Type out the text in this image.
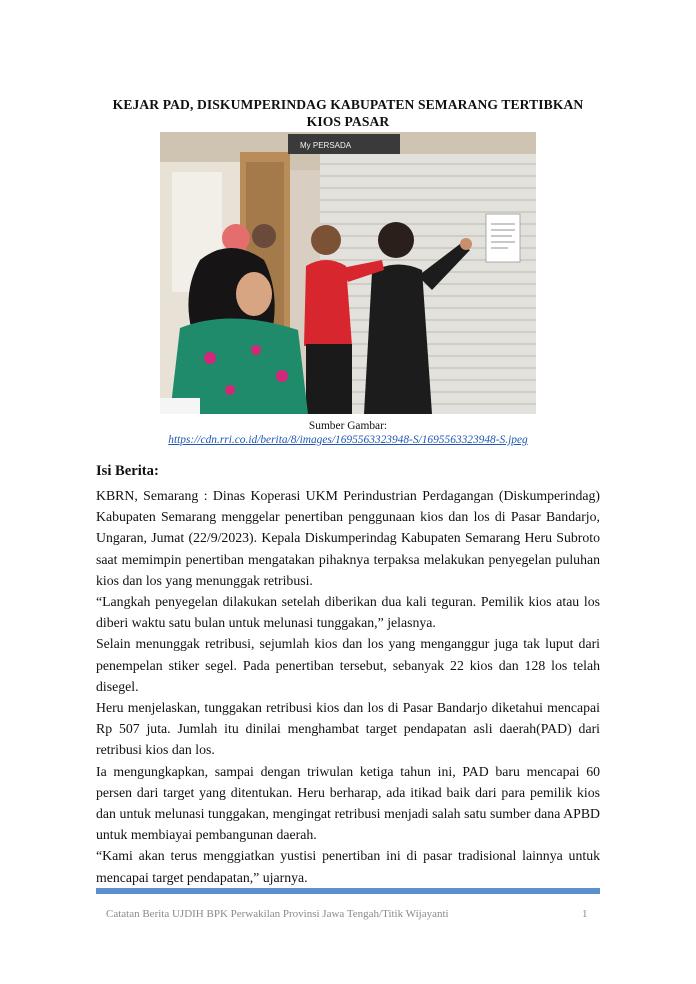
KEJAR PAD, DISKUMPERINDAG KABUPATEN SEMARANG TERTIBKAN
KIOS PASAR
My PERSADA
Sumber Gambar:
https://cdn.rri.co.id/berita/8/images/1695563323948-S/1695563323948-S.jpeg
Isi Berita:

KBRN, Semarang : Dinas Koperasi UKM Perindustrian Perdagangan (Diskumperindag) Kabupaten Semarang menggelar penertiban penggunaan kios dan los di Pasar Bandarjo, Ungaran, Jumat (22/9/2023). Kepala Diskumperindag Kabupaten Semarang Heru Subroto saat memimpin penertiban mengatakan pihaknya terpaksa melakukan penyegelan puluhan kios dan los yang menunggak retribusi.

“Langkah penyegelan dilakukan setelah diberikan dua kali teguran. Pemilik kios atau los diberi waktu satu bulan untuk melunasi tunggakan,” jelasnya.

Selain menunggak retribusi, sejumlah kios dan los yang menganggur juga tak luput dari penempelan stiker segel. Pada penertiban tersebut, sebanyak 22 kios dan 128 los telah disegel.

Heru menjelaskan, tunggakan retribusi kios dan los di Pasar Bandarjo diketahui mencapai Rp 507 juta. Jumlah itu dinilai menghambat target pendapatan asli daerah(PAD) dari retribusi kios dan los.

Ia mengungkapkan, sampai dengan triwulan ketiga tahun ini, PAD baru mencapai 60 persen dari target yang ditentukan. Heru berharap, ada itikad baik dari para pemilik kios dan untuk melunasi tunggakan, mengingat retribusi menjadi salah satu sumber dana APBD untuk membiayai pembangunan daerah.

“Kami akan terus menggiatkan yustisi penertiban ini di pasar tradisional lainnya untuk mencapai target pendapatan,” ujarnya.

Catatan Berita UJDIH BPK Perwakilan Provinsi Jawa Tengah/Titik Wijayanti	1
